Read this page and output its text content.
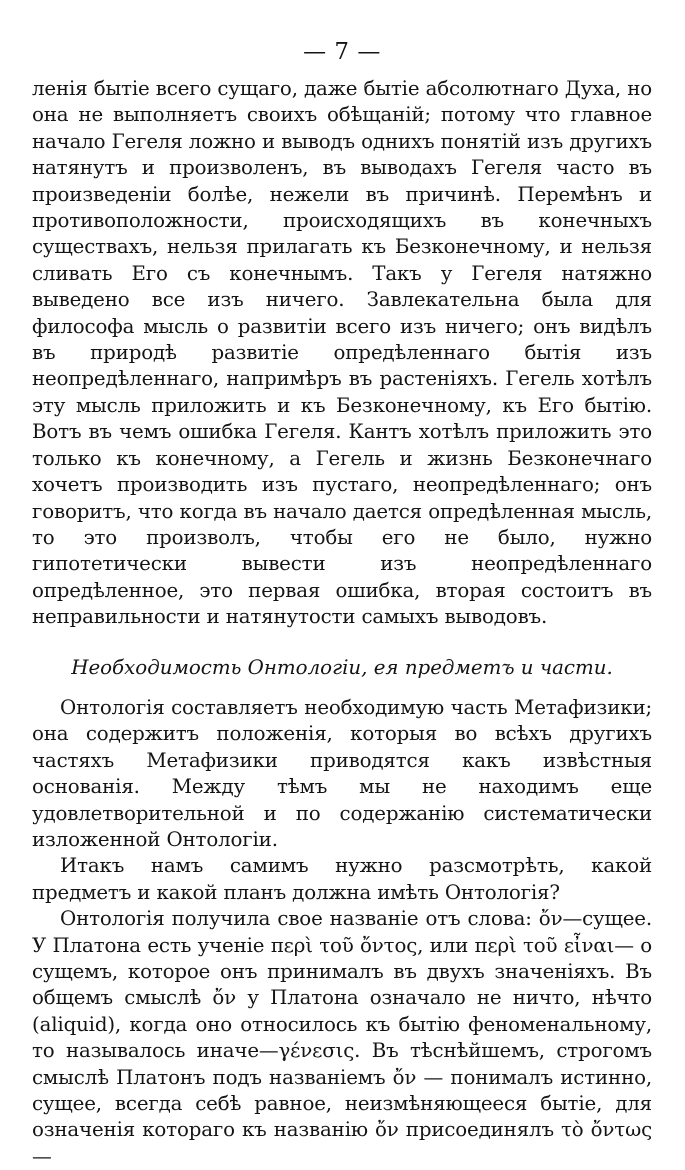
— 7 —

лeнiя бытiе всего сущаго, даже бытiе абсолютнаго Духа, но она не выполняетъ своихъ обѣщанiй; потому что главное начало Гегеля ложно и выводъ однихъ понятiй изъ другихъ натянутъ и произволенъ, въ выводахъ Гегеля часто въ произведенiи болѣе, нежели въ причинѣ. Перемѣнъ и противоположности, происходящихъ въ конечныхъ существахъ, нельзя прилагать къ Безконечному, и нельзя сливать Его съ конечнымъ. Такъ у Гегеля натяжно выведено все изъ ничего. Завлекательна была для философа мысль о развитiи всего изъ ничего; онъ видѣлъ въ природѣ развитiе опредѣленнаго бытiя изъ неопредѣленнаго, напримѣръ въ растенiяхъ. Гегель хотѣлъ эту мысль приложить и къ Безконечному, къ Его бытiю. Вотъ въ чемъ ошибка Гегеля. Кантъ хотѣлъ приложить это только къ конечному, а Гегель и жизнь Безконечнаго хочетъ производить изъ пустаго, неопредѣленнаго; онъ говоритъ, что когда въ начало дается опредѣленная мысль, то это произволъ, чтобы его не было, нужно гипотетически вывести изъ неопредѣленнаго опредѣленное, это первая ошибка, вторая состоитъ въ неправильности и натянутости самыхъ выводовъ.

Необходимость Онтологiи, ея предметъ и части.

Онтологiя составляетъ необходимую часть Метафизики; она содержитъ положенiя, которыя во всѣхъ другихъ частяхъ Метафизики приводятся какъ извѣстныя основанiя. Между тѣмъ мы не находимъ еще удовлетворительной и по содержанiю систематически изложенной Онтологiи.

Итакъ намъ самимъ нужно разсмотрѣть, какой предметъ и какой планъ должна имѣть Онтологiя?

Онтологiя получила свое названiе отъ слова: ὄν—сущее. У Платона есть ученiе περὶ τοῦ ὄντος, или περὶ τοῦ εἶναι— о сущемъ, которое онъ принималъ въ двухъ значенiяхъ. Въ общемъ смыслѣ ὄν у Платона означало не ничто, нѣчто (aliquid), когда оно относилось къ бытiю феноменальному, то называлось иначе—γένεσις. Въ тѣснѣйшемъ, строгомъ смыслѣ Платонъ подъ названiемъ ὄν — понималъ истинно, сущее, всегда себѣ равное, неизмѣняющееся бытiе, для означенiя котораго къ названiю ὄν присоединялъ τὸ ὄντως—
